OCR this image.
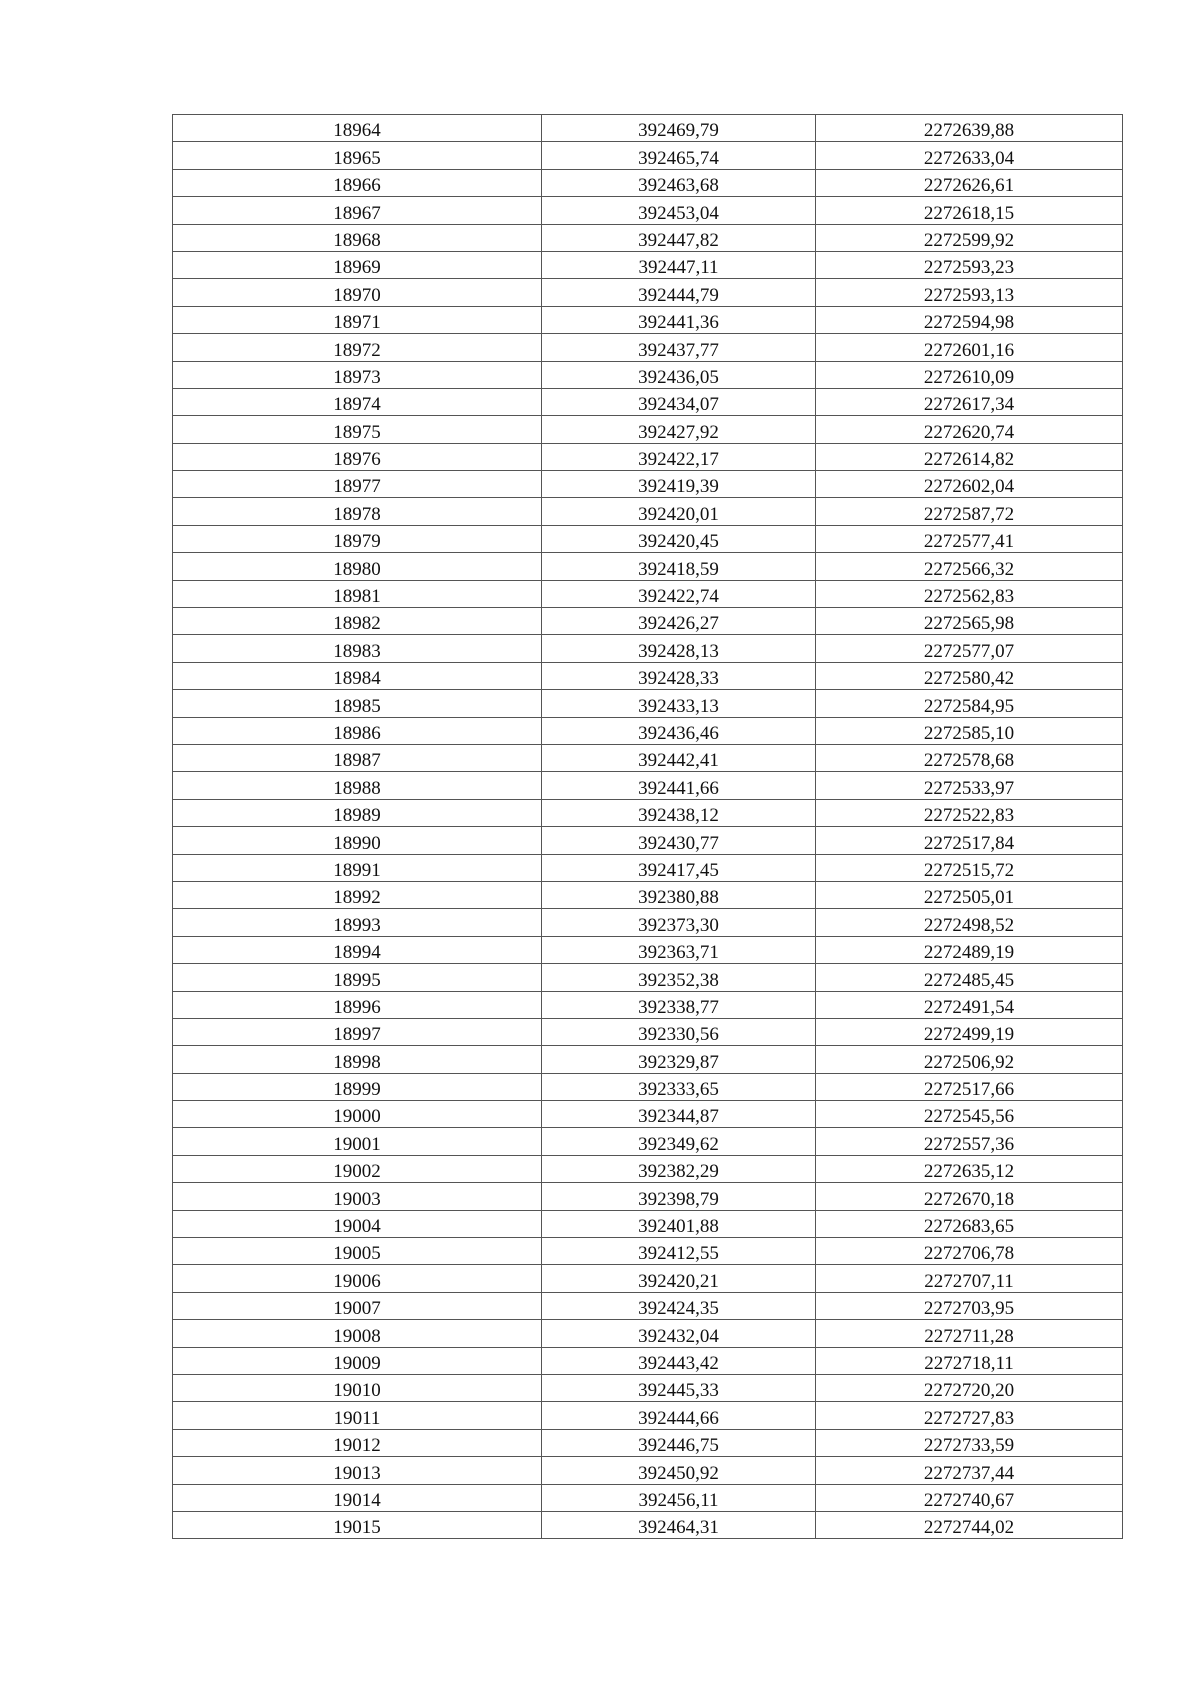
18964	392469,79	2272639,88
18965	392465,74	2272633,04
18966	392463,68	2272626,61
18967	392453,04	2272618,15
18968	392447,82	2272599,92
18969	392447,11	2272593,23
18970	392444,79	2272593,13
18971	392441,36	2272594,98
18972	392437,77	2272601,16
18973	392436,05	2272610,09
18974	392434,07	2272617,34
18975	392427,92	2272620,74
18976	392422,17	2272614,82
18977	392419,39	2272602,04
18978	392420,01	2272587,72
18979	392420,45	2272577,41
18980	392418,59	2272566,32
18981	392422,74	2272562,83
18982	392426,27	2272565,98
18983	392428,13	2272577,07
18984	392428,33	2272580,42
18985	392433,13	2272584,95
18986	392436,46	2272585,10
18987	392442,41	2272578,68
18988	392441,66	2272533,97
18989	392438,12	2272522,83
18990	392430,77	2272517,84
18991	392417,45	2272515,72
18992	392380,88	2272505,01
18993	392373,30	2272498,52
18994	392363,71	2272489,19
18995	392352,38	2272485,45
18996	392338,77	2272491,54
18997	392330,56	2272499,19
18998	392329,87	2272506,92
18999	392333,65	2272517,66
19000	392344,87	2272545,56
19001	392349,62	2272557,36
19002	392382,29	2272635,12
19003	392398,79	2272670,18
19004	392401,88	2272683,65
19005	392412,55	2272706,78
19006	392420,21	2272707,11
19007	392424,35	2272703,95
19008	392432,04	2272711,28
19009	392443,42	2272718,11
19010	392445,33	2272720,20
19011	392444,66	2272727,83
19012	392446,75	2272733,59
19013	392450,92	2272737,44
19014	392456,11	2272740,67
19015	392464,31	2272744,02
